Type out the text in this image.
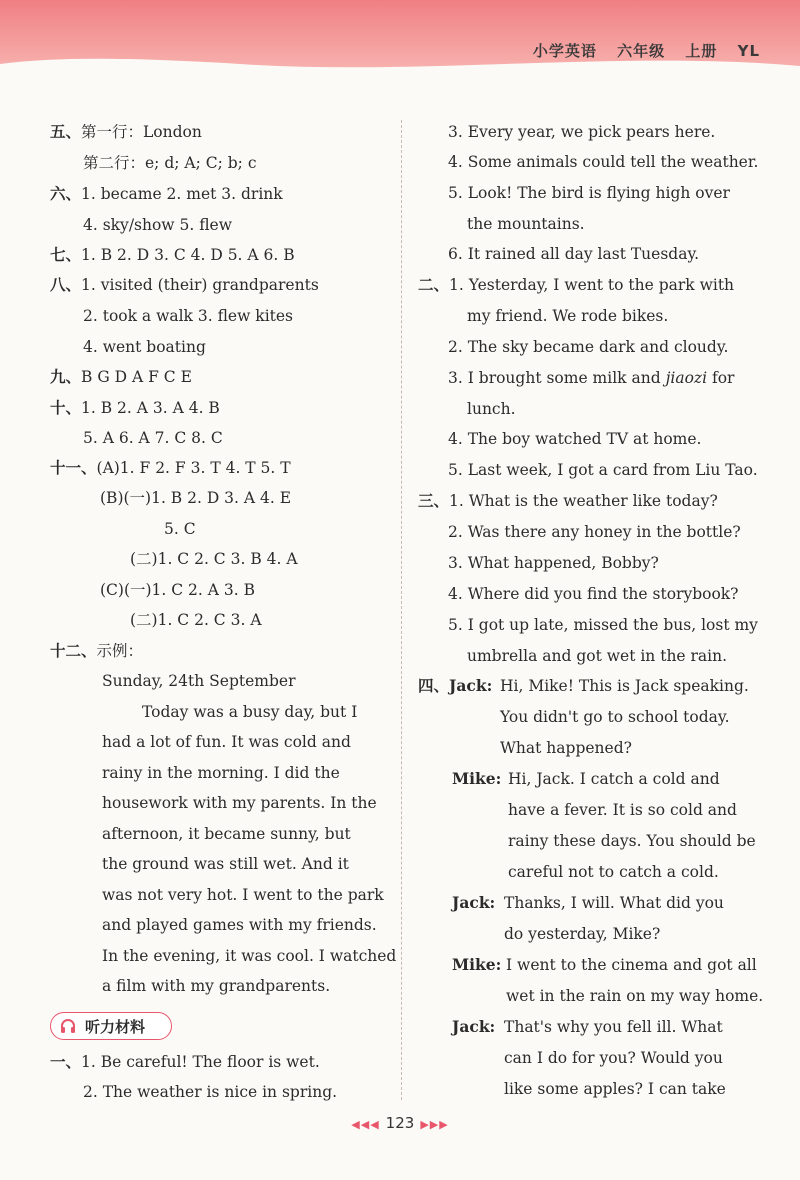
小学英语 六年级 上册 YL
五、第一行：London
第二行：e; d; A; C; b; c
六、1. became 2. met 3. drink
4. sky/show 5. flew
七、1. B 2. D 3. C 4. D 5. A 6. B
八、1. visited (their) grandparents
2. took a walk 3. flew kites
4. went boating
九、B G D A F C E
十、1. B 2. A 3. A 4. B
5. A 6. A 7. C 8. C
十一、(A)1. F 2. F 3. T 4. T 5. T
(B)(一)1. B 2. D 3. A 4. E
5. C
(二)1. C 2. C 3. B 4. A
(C)(一)1. C 2. A 3. B
(二)1. C 2. C 3. A
十二、示例：
Sunday, 24th September
Today was a busy day, but I
had a lot of fun. It was cold and
rainy in the morning. I did the
housework with my parents. In the
afternoon, it became sunny, but
the ground was still wet. And it
was not very hot. I went to the park
and played games with my friends.
In the evening, it was cool. I watched
a film with my grandparents.
一、1. Be careful! The floor is wet.
2. The weather is nice in spring.
听力材料
3. Every year, we pick pears here.
4. Some animals could tell the weather.
5. Look! The bird is flying high over
the mountains.
6. It rained all day last Tuesday.
二、1. Yesterday, I went to the park with
my friend. We rode bikes.
2. The sky became dark and cloudy.
3. I brought some milk and jiaozi for
lunch.
4. The boy watched TV at home.
5. Last week, I got a card from Liu Tao.
三、1. What is the weather like today?
2. Was there any honey in the bottle?
3. What happened, Bobby?
4. Where did you find the storybook?
5. I got up late, missed the bus, lost my
umbrella and got wet in the rain.
四、Jack: Hi, Mike! This is Jack speaking.
You didn't go to school today.
What happened?
Mike: Hi, Jack. I catch a cold and
have a fever. It is so cold and
rainy these days. You should be
careful not to catch a cold.
Jack: Thanks, I will. What did you
do yesterday, Mike?
Mike: I went to the cinema and got all
wet in the rain on my way home.
Jack: That's why you fell ill. What
can I do for you? Would you
like some apples? I can take
◀◀◀ 123 ▶▶▶
